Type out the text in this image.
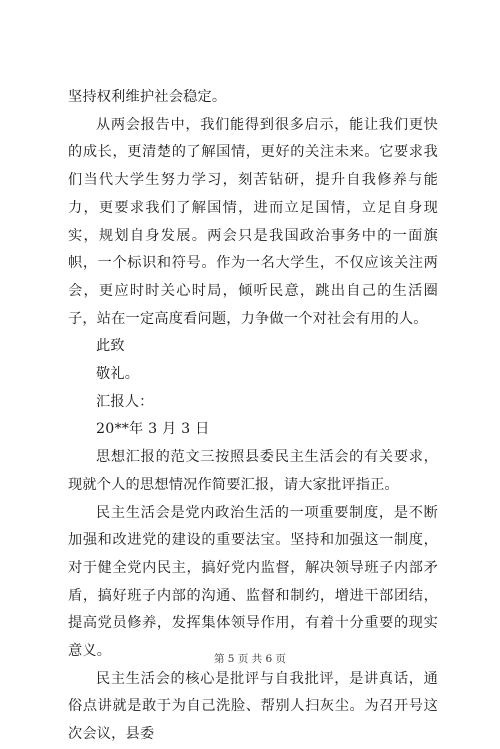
坚持权利维护社会稳定。

从两会报告中，我们能得到很多启示，能让我们更快的成长，更清楚的了解国情，更好的关注未来。它要求我们当代大学生努力学习，刻苦钻研，提升自我修养与能力，更要求我们了解国情，进而立足国情，立足自身现实，规划自身发展。两会只是我国政治事务中的一面旗帜，一个标识和符号。作为一名大学生，不仅应该关注两会，更应时时关心时局，倾听民意，跳出自己的生活圈子，站在一定高度看问题，力争做一个对社会有用的人。

此致

敬礼。

汇报人：

20**年 3 月 3 日

思想汇报的范文三按照县委民主生活会的有关要求，现就个人的思想情况作简要汇报，请大家批评指正。

民主生活会是党内政治生活的一项重要制度，是不断加强和改进党的建设的重要法宝。坚持和加强这一制度，对于健全党内民主，搞好党内监督，解决领导班子内部矛盾，搞好班子内部的沟通、监督和制约，增进干部团结，提高党员修养，发挥集体领导作用，有着十分重要的现实意义。

民主生活会的核心是批评与自我批评，是讲真话，通俗点讲就是敢于为自己洗脸、帮别人扫灰尘。为召开号这次会议，县委

第 5 页 共 6 页
